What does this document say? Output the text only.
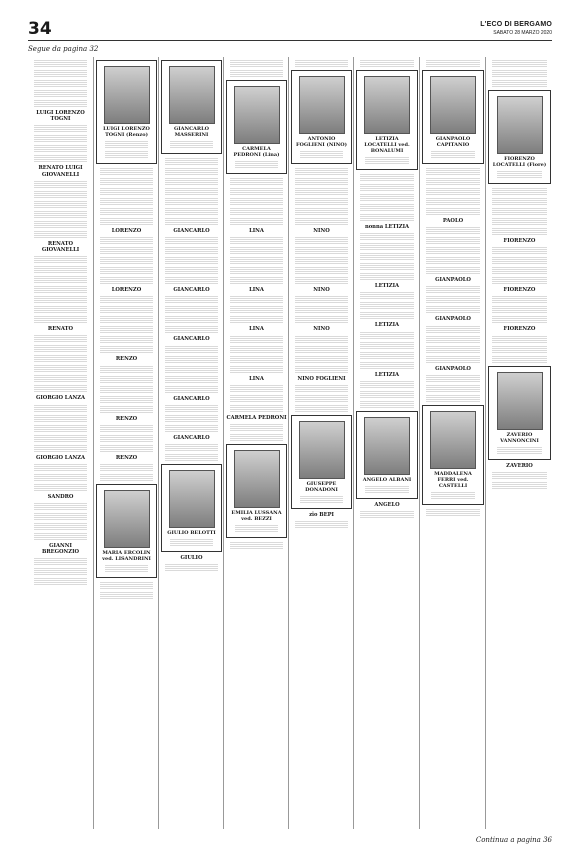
34	L'ECO DI BERGAMO
SABATO 28 MARZO 2020
Segue da pagina 32
LUIGI LORENZO TOGNI
RENATO LUIGI GIOVANELLI
RENATO GIOVANELLI
RENATO
GIORGIO LANZA
GIORGIO LANZA
SANDRO
GIANNI BREGONZIO
LUIGI LORENZO TOGNI (Renzo)
LORENZO
LORENZO
RENZO
RENZO
RENZO
MARIA ERCOLIN ved. LISANDRINI
GIANCARLO MASSERINI
GIANCARLO
GIANCARLO
GIANCARLO
GIANCARLO
GIANCARLO
GIULIO BELOTTI
GIULIO
CARMELA PEDRONI (Lina)
LINA
LINA
LINA
LINA
CARMELA PEDRONI
EMILIA LUSSANA ved. BEZZI
ANTONIO FOGLIENI (NINO)
NINO
NINO
NINO
NINO FOGLIENI
GIUSEPPE DONADONI
zio BEPI
LETIZIA LOCATELLI ved. BONALUMI
nonna LETIZIA
LETIZIA
LETIZIA
LETIZIA
ANGELO ALBANI
ANGELO
GIANPAOLO CAPITANIO
PAOLO
GIANPAOLO
GIANPAOLO
GIANPAOLO
MADDALENA FERRI ved. CASTELLI
FIORENZO LOCATELLI (Fiore)
FIORENZO
FIORENZO
FIORENZO
ZAVERIO VANNONCINI
ZAVERIO
Continua a pagina 36
